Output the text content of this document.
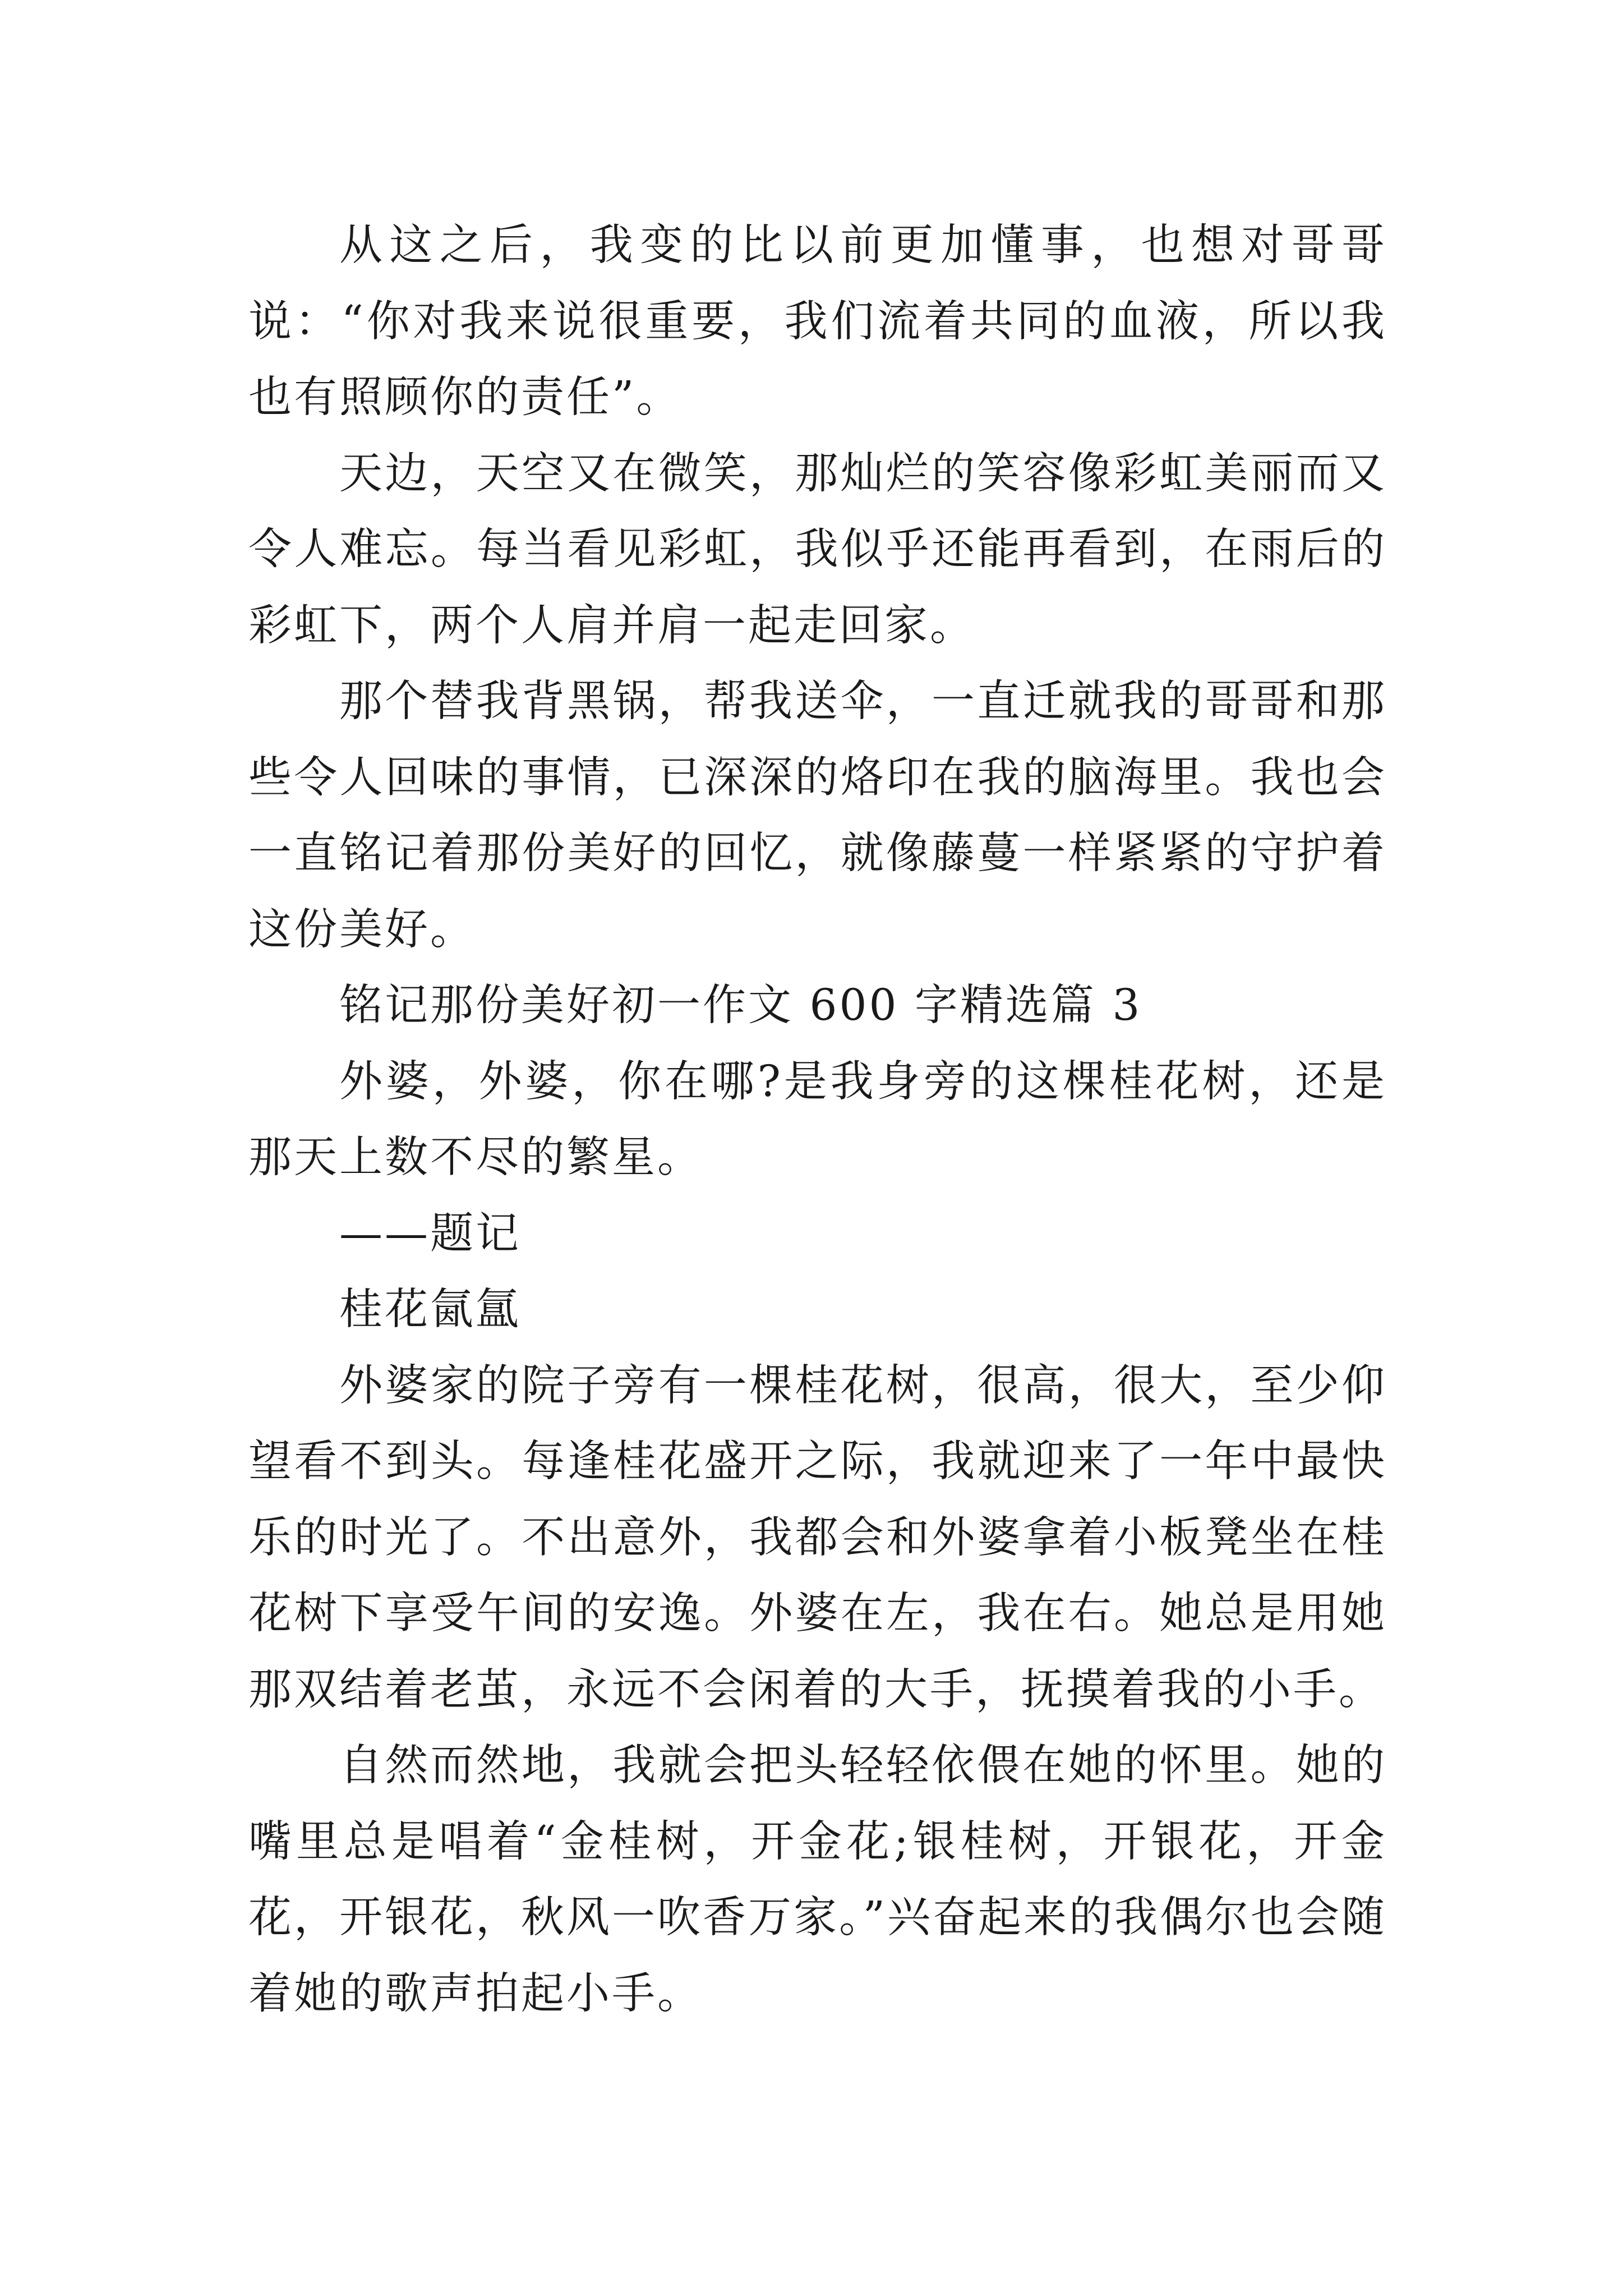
从这之后，我变的比以前更加懂事，也想对哥哥说：“你对我来说很重要，我们流着共同的血液，所以我也有照顾你的责任”。

天边，天空又在微笑，那灿烂的笑容像彩虹美丽而又令人难忘。每当看见彩虹，我似乎还能再看到，在雨后的彩虹下，两个人肩并肩一起走回家。

那个替我背黑锅，帮我送伞，一直迁就我的哥哥和那些令人回味的事情，已深深的烙印在我的脑海里。我也会一直铭记着那份美好的回忆，就像藤蔓一样紧紧的守护着这份美好。

铭记那份美好初一作文 600 字精选篇 3

外婆，外婆，你在哪?是我身旁的这棵桂花树，还是那天上数不尽的繁星。

——题记

桂花氤氲

外婆家的院子旁有一棵桂花树，很高，很大，至少仰望看不到头。每逢桂花盛开之际，我就迎来了一年中最快乐的时光了。不出意外，我都会和外婆拿着小板凳坐在桂花树下享受午间的安逸。外婆在左，我在右。她总是用她那双结着老茧，永远不会闲着的大手，抚摸着我的小手。

自然而然地，我就会把头轻轻依偎在她的怀里。她的嘴里总是唱着“金桂树，开金花;银桂树，开银花，开金花，开银花，秋风一吹香万家。”兴奋起来的我偶尔也会随着她的歌声拍起小手。
